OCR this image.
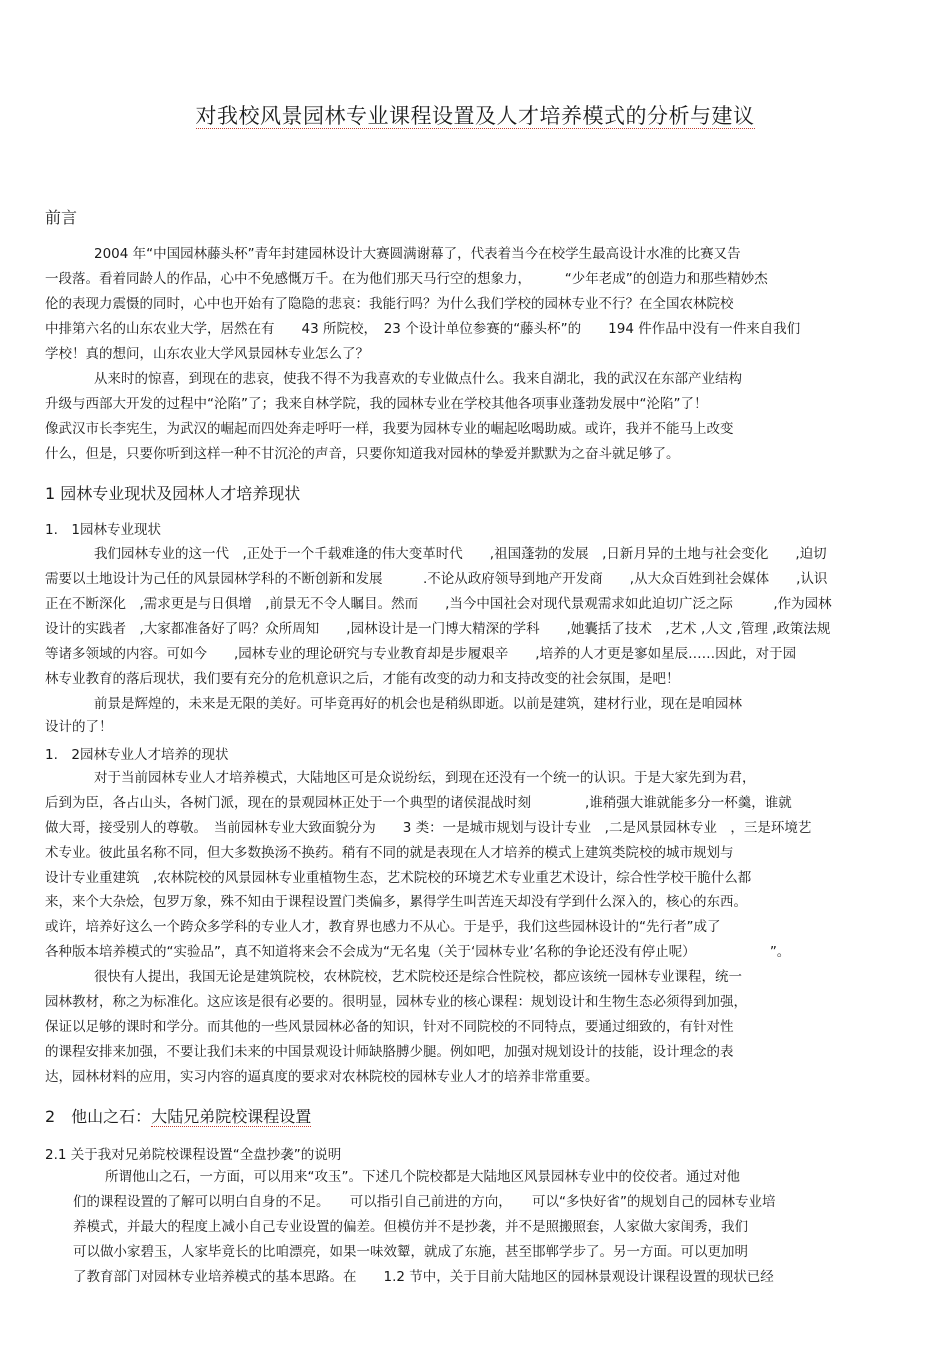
对我校风景园林专业课程设置及人才培养模式的分析与建议
前言
2004 年“中国园林藤头杯”青年封建园林设计大赛圆满谢幕了，代表着当今在校学生最高设计水准的比赛又告
一段落。看着同龄人的作品，心中不免感慨万千。在为他们那天马行空的想象力，　　　“少年老成”的创造力和那些精妙杰
伦的表现力震慑的同时，心中也开始有了隐隐的悲哀：我能行吗？为什么我们学校的园林专业不行？在全国农林院校
中排第六名的山东农业大学，居然在有　　43 所院校，　23 个设计单位参赛的“藤头杯”的　　194 件作品中没有一件来自我们
学校！真的想问，山东农业大学风景园林专业怎么了？
从来时的惊喜，到现在的悲哀，使我不得不为我喜欢的专业做点什么。我来自湖北，我的武汉在东部产业结构
升级与西部大开发的过程中“沦陷”了；我来自林学院，我的园林专业在学校其他各项事业蓬勃发展中“沦陷”了！
像武汉市长李宪生，为武汉的崛起而四处奔走呼吁一样，我要为园林专业的崛起吆喝助威。或许，我并不能马上改变
什么，但是，只要你听到这样一种不甘沉沦的声音，只要你知道我对园林的挚爱并默默为之奋斗就足够了。
1 园林专业现状及园林人才培养现状
1.　1园林专业现状
我们园林专业的这一代　,正处于一个千载难逢的伟大变革时代　　,祖国蓬勃的发展　,日新月异的土地与社会变化　　,迫切
需要以土地设计为己任的风景园林学科的不断创新和发展　　　.不论从政府领导到地产开发商　　,从大众百姓到社会媒体　　,认识
正在不断深化　,需求更是与日俱增　,前景无不令人瞩目。然而　　,当今中国社会对现代景观需求如此迫切广泛之际　　　,作为园林
设计的实践者　,大家都准备好了吗？众所周知　　,园林设计是一门博大精深的学科　　,她囊括了技术　,艺术 ,人文 ,管理 ,政策法规
等诸多领域的内容。可如今　　,园林专业的理论研究与专业教育却是步履艰辛　　,培养的人才更是寥如星辰……因此，对于园
林专业教育的落后现状，我们要有充分的危机意识之后，才能有改变的动力和支持改变的社会氛围，是吧！
前景是辉煌的，未来是无限的美好。可毕竟再好的机会也是稍纵即逝。以前是建筑，建材行业，现在是咱园林
设计的了！
1.　2园林专业人才培养的现状
对于当前园林专业人才培养模式，大陆地区可是众说纷纭，到现在还没有一个统一的认识。于是大家先到为君，
后到为臣，各占山头，各树门派，现在的景观园林正处于一个典型的诸侯混战时刻　　　　,谁稍强大谁就能多分一杯羹，谁就
做大哥，接受别人的尊敬。　当前园林专业大致面貌分为　　3 类：一是城市规划与设计专业　,二是风景园林专业　，三是环境艺
术专业。彼此虽名称不同，但大多数换汤不换药。稍有不同的就是表现在人才培养的模式上建筑类院校的城市规划与
设计专业重建筑　,农林院校的风景园林专业重植物生态，艺术院校的环境艺术专业重艺术设计，综合性学校干脆什么都
来，来个大杂烩，包罗万象，殊不知由于课程设置门类偏多，累得学生叫苦连天却没有学到什么深入的，核心的东西。
或许，培养好这么一个跨众多学科的专业人才，教育界也感力不从心。于是乎，我们这些园林设计的“先行者”成了
各种版本培养模式的“实验品”，真不知道将来会不会成为“无名鬼（关于‘园林专业’名称的争论还没有停止呢）　　　　　　”。
很快有人提出，我国无论是建筑院校，农林院校，艺术院校还是综合性院校，都应该统一园林专业课程，统一
园林教材，称之为标准化。这应该是很有必要的。很明显，园林专业的核心课程：规划设计和生物生态必须得到加强，
保证以足够的课时和学分。而其他的一些风景园林必备的知识，针对不同院校的不同特点，要通过细致的，有针对性
的课程安排来加强，不要让我们未来的中国景观设计师缺胳膊少腿。例如吧，加强对规划设计的技能，设计理念的表
达，园林材料的应用，实习内容的逼真度的要求对农林院校的园林专业人才的培养非常重要。
2　他山之石：大陆兄弟院校课程设置
2.1 关于我对兄弟院校课程设置“全盘抄袭”的说明
所谓他山之石，一方面，可以用来“攻玉”。下述几个院校都是大陆地区风景园林专业中的佼佼者。通过对他
们的课程设置的了解可以明白自身的不足。　　可以指引自己前进的方向，　　可以“多快好省”的规划自己的园林专业培
养模式，并最大的程度上减小自己专业设置的偏差。但模仿并不是抄袭，并不是照搬照套，人家做大家闺秀，我们
可以做小家碧玉，人家毕竟长的比咱漂亮，如果一味效颦，就成了东施，甚至邯郸学步了。另一方面。可以更加明
了教育部门对园林专业培养模式的基本思路。在　　1.2 节中，关于目前大陆地区的园林景观设计课程设置的现状已经
